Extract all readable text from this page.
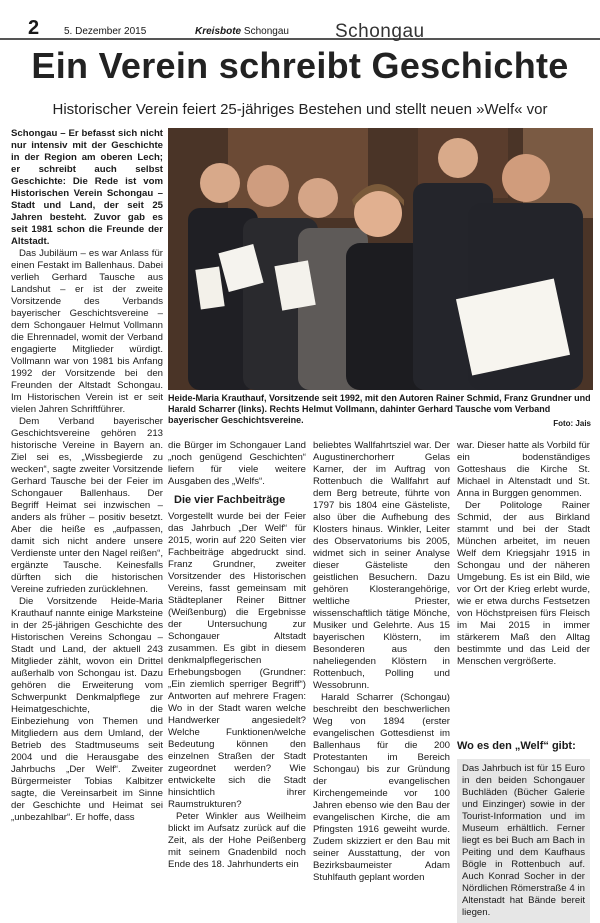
2 5. Dezember 2015	Kreisbote Schongau Schongau
Ein Verein schreibt Geschichte
Historischer Verein feiert 25-jähriges Bestehen und stellt neuen »Welf« vor

Schongau – Er befasst sich nicht nur intensiv mit der Geschichte in der Region am oberen Lech; er schreibt auch selbst Geschichte: Die Rede ist vom Historischen Verein Schongau – Stadt und Land, der seit 25 Jahren besteht. Zuvor gab es seit 1981 schon die Freunde der Altstadt.

Das Jubiläum – es war Anlass für einen Festakt im Ballenhaus. Dabei verlieh Gerhard Tausche aus Landshut – er ist der zweite Vorsitzende des Verbands bayerischer Geschichtsvereine – dem Schongauer Helmut Vollmann die Ehrennadel, womit der Verband engagierte Mitglieder würdigt. Vollmann war von 1981 bis Anfang 1992 der Vorsitzende bei den Freunden der Altstadt Schongau. Im Historischen Verein ist er seit vielen Jahren Schriftführer.

Dem Verband bayerischer Geschichtsvereine gehören 213 historische Vereine in Bayern an. Ziel sei es, „Wissbegierde zu wecken“, sagte zweiter Vorsitzende Gerhard Tausche bei der Feier im Schongauer Ballenhaus. Der Begriff Heimat sei inzwischen – anders als früher – positiv besetzt. Aber die heiße es „aufpassen, damit sich nicht andere unsere Verdienste unter den Nagel reißen“, ergänzte Tausche. Keinesfalls dürften sich die historischen Vereine zufrieden zurücklehnen.

Die Vorsitzende Heide-Maria Krauthauf nannte einige Marksteine in der 25-jährigen Geschichte des Historischen Vereins Schongau – Stadt und Land, der aktuell 243 Mitglieder zählt, wovon ein Drittel außerhalb von Schongau ist. Dazu gehören die Erweiterung vom Schwerpunkt Denkmalpflege zur Heimatgeschichte, die Einbeziehung von Themen und Mitgliedern aus dem Umland, der Betrieb des Stadtmuseums seit 2004 und die Herausgabe des Jahrbuchs „Der Welf“. Zweiter Bürgermeister Tobias Kalbitzer sagte, die Vereinsarbeit im Sinne der Geschichte und Heimat sei „unbezahlbar“. Er hoffe, dass

Heide-Maria Krauthauf, Vorsitzende seit 1992, mit den Autoren Rainer Schmid, Franz Grundner und Harald Scharrer (links). Rechts Helmut Vollmann, dahinter Gerhard Tausche vom Verband bayerischer Geschichtsvereine.	Foto: Jais

die Bürger im Schongauer Land „noch genügend Geschichten“ liefern für viele weitere Ausgaben des „Welfs“.

Die vier Fachbeiträge

Vorgestellt wurde bei der Feier das Jahrbuch „Der Welf“ für 2015, worin auf 220 Seiten vier Fachbeiträge abgedruckt sind. Franz Grundner, zweiter Vorsitzender des Historischen Vereins, fasst gemeinsam mit Städteplaner Reiner Bittner (Weißenburg) die Ergebnisse der Untersuchung zur Schongauer Altstadt zusammen. Es gibt in diesem denkmalpflegerischen Erhebungsbogen (Grundner: „Ein ziemlich sperriger Begriff“) Antworten auf mehrere Fragen: Wo in der Stadt waren welche Handwerker angesiedelt? Welche Funktionen/welche Bedeutung können den einzelnen Straßen der Stadt zugeordnet werden? Wie entwickelte sich die Stadt hinsichtlich ihrer Raumstrukturen?

Peter Winkler aus Weilheim blickt im Aufsatz zurück auf die Zeit, als der Hohe Peißenberg mit seinem Gnadenbild noch Ende des 18. Jahrhunderts ein

beliebtes Wallfahrtsziel war. Der Augustinerchorherr Gelas Karner, der im Auftrag von Rottenbuch die Wallfahrt auf dem Berg betreute, führte von 1797 bis 1804 eine Gästeliste, also über die Aufhebung des Klosters hinaus. Winkler, Leiter des Observatoriums bis 2005, widmet sich in seiner Analyse dieser Gästeliste den geistlichen Besuchern. Dazu gehören Klosterangehörige, weltliche Priester, wissenschaftlich tätige Mönche, Musiker und Gelehrte. Aus 15 bayerischen Klöstern, im Besonderen aus den naheliegenden Klöstern in Rottenbuch, Polling und Wessobrunn.

Harald Scharrer (Schongau) beschreibt den beschwerlichen Weg von 1894 (erster evangelischen Gottesdienst im Ballenhaus für die 200 Protestanten im Bereich Schongau) bis zur Gründung der evangelischen Kirchengemeinde vor 100 Jahren ebenso wie den Bau der evangelischen Kirche, die am Pfingsten 1916 geweiht wurde. Zudem skizziert er den Bau mit seiner Ausstattung, der von Bezirksbaumeister Adam Stuhlfauth geplant worden

war. Dieser hatte als Vorbild für ein bodenständiges Gotteshaus die Kirche St. Michael in Altenstadt und St. Anna in Burggen genommen.

Der Politologe Rainer Schmid, der aus Birkland stammt und bei der Stadt München arbeitet, im neuen Welf dem Kriegsjahr 1915 in Schongau und der näheren Umgebung. Es ist ein Bild, wie vor Ort der Krieg erlebt wurde, wie er etwa durchs Festsetzen von Höchstpreisen fürs Fleisch im Mai 2015 in immer stärkerem Maß den Alltag bestimmte und das Leid der Menschen vergrößerte.

Wo es den „Welf“ gibt:
Das Jahrbuch ist für 15 Euro in den beiden Schongauer Buchläden (Bücher Galerie und Einzinger) sowie in der Tourist-Information und im Museum erhältlich. Ferner liegt es bei Buch am Bach in Peiting und dem Kaufhaus Bögle in Rottenbuch auf. Auch Konrad Socher in der Nördlichen Römerstraße 4 in Altenstadt hat Bände bereit liegen.
